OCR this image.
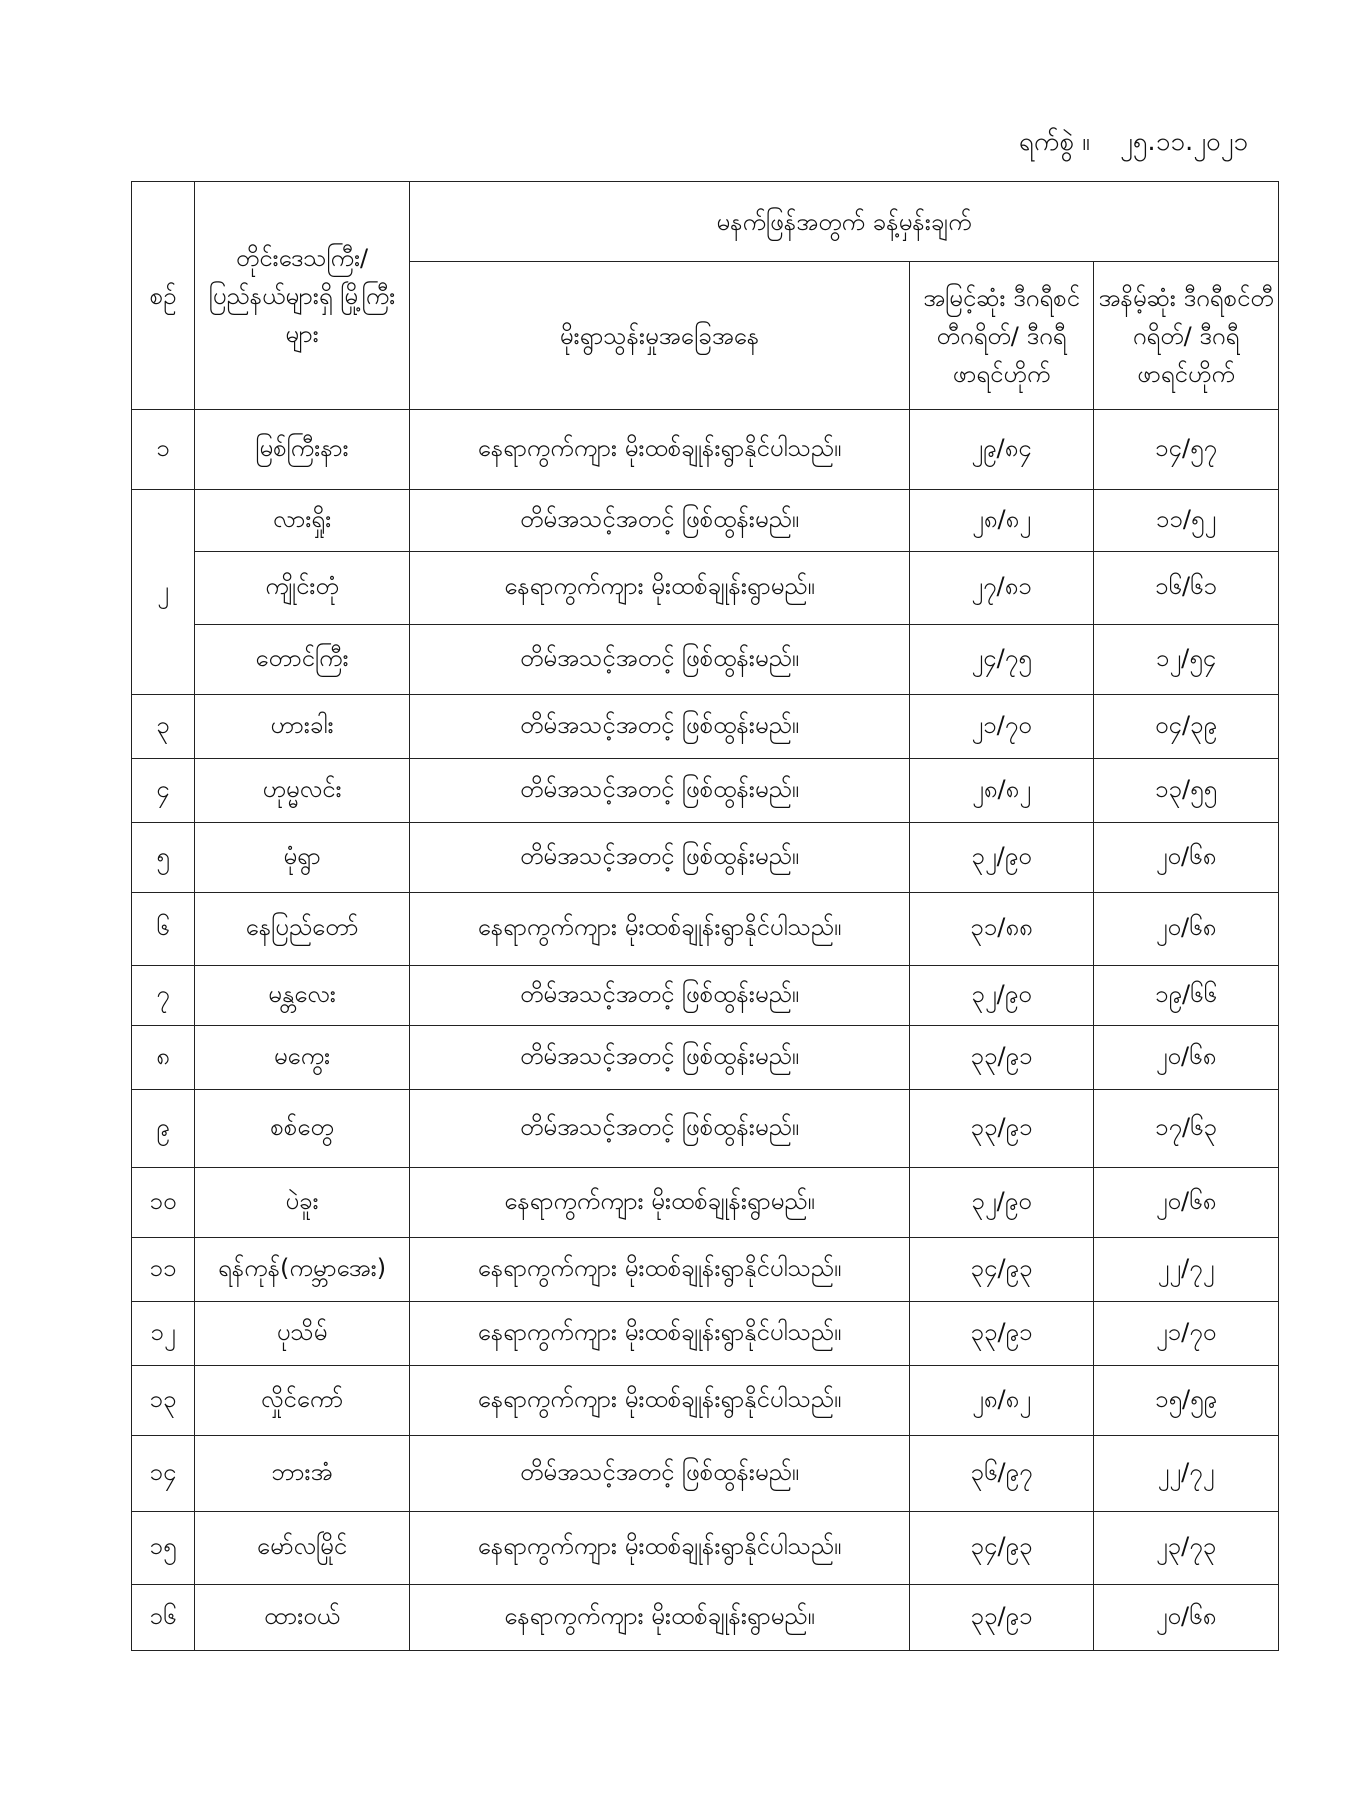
ရက်စွဲ ။ ၂၅.၁၁.၂၀၂၁
စဉ်	တိုင်းဒေသကြီး/ ပြည်နယ်များရှိ မြို့ကြီးများ	မနက်ဖြန်အတွက် ခန့်မှန်းချက်		
		မိုးရွာသွန်းမှုအခြေအနေ	အမြင့်ဆုံး ဒီဂရီစင်တီဂရိတ်/ ဒီဂရီဖာရင်ဟိုက်	အနိမ့်ဆုံး ဒီဂရီစင်တီဂရိတ်/ ဒီဂရီဖာရင်ဟိုက်
၁	မြစ်ကြီးနား	နေရာကွက်ကျား မိုးထစ်ချုန်းရွာနိုင်ပါသည်။	၂၉/၈၄	၁၄/၅၇
၂	လားရှိုး	တိမ်အသင့်အတင့် ဖြစ်ထွန်းမည်။	၂၈/၈၂	၁၁/၅၂
	ကျိုင်းတုံ	နေရာကွက်ကျား မိုးထစ်ချုန်းရွာမည်။	၂၇/၈၁	၁၆/၆၁
	တောင်ကြီး	တိမ်အသင့်အတင့် ဖြစ်ထွန်းမည်။	၂၄/၇၅	၁၂/၅၄
၃	ဟားခါး	တိမ်အသင့်အတင့် ဖြစ်ထွန်းမည်။	၂၁/၇၀	၀၄/၃၉
၄	ဟုမ္မလင်း	တိမ်အသင့်အတင့် ဖြစ်ထွန်းမည်။	၂၈/၈၂	၁၃/၅၅
၅	မုံရွာ	တိမ်အသင့်အတင့် ဖြစ်ထွန်းမည်။	၃၂/၉၀	၂၀/၆၈
၆	နေပြည်တော်	နေရာကွက်ကျား မိုးထစ်ချုန်းရွာနိုင်ပါသည်။	၃၁/၈၈	၂၀/၆၈
၇	မန္တလေး	တိမ်အသင့်အတင့် ဖြစ်ထွန်းမည်။	၃၂/၉၀	၁၉/၆၆
၈	မကွေး	တိမ်အသင့်အတင့် ဖြစ်ထွန်းမည်။	၃၃/၉၁	၂၀/၆၈
၉	စစ်တွေ	တိမ်အသင့်အတင့် ဖြစ်ထွန်းမည်။	၃၃/၉၁	၁၇/၆၃
၁၀	ပဲခူး	နေရာကွက်ကျား မိုးထစ်ချုန်းရွာမည်။	၃၂/၉၀	၂၀/၆၈
၁၁	ရန်ကုန်(ကမ္ဘာအေး)	နေရာကွက်ကျား မိုးထစ်ချုန်းရွာနိုင်ပါသည်။	၃၄/၉၃	၂၂/၇၂
၁၂	ပုသိမ်	နေရာကွက်ကျား မိုးထစ်ချုန်းရွာနိုင်ပါသည်။	၃၃/၉၁	၂၁/၇၀
၁၃	လှိုင်ကော်	နေရာကွက်ကျား မိုးထစ်ချုန်းရွာနိုင်ပါသည်။	၂၈/၈၂	၁၅/၅၉
၁၄	ဘားအံ	တိမ်အသင့်အတင့် ဖြစ်ထွန်းမည်။	၃၆/၉၇	၂၂/၇၂
၁၅	မော်လမြိုင်	နေရာကွက်ကျား မိုးထစ်ချုန်းရွာနိုင်ပါသည်။	၃၄/၉၃	၂၃/၇၃
၁၆	ထားဝယ်	နေရာကွက်ကျား မိုးထစ်ချုန်းရွာမည်။	၃၃/၉၁	၂၀/၆၈
